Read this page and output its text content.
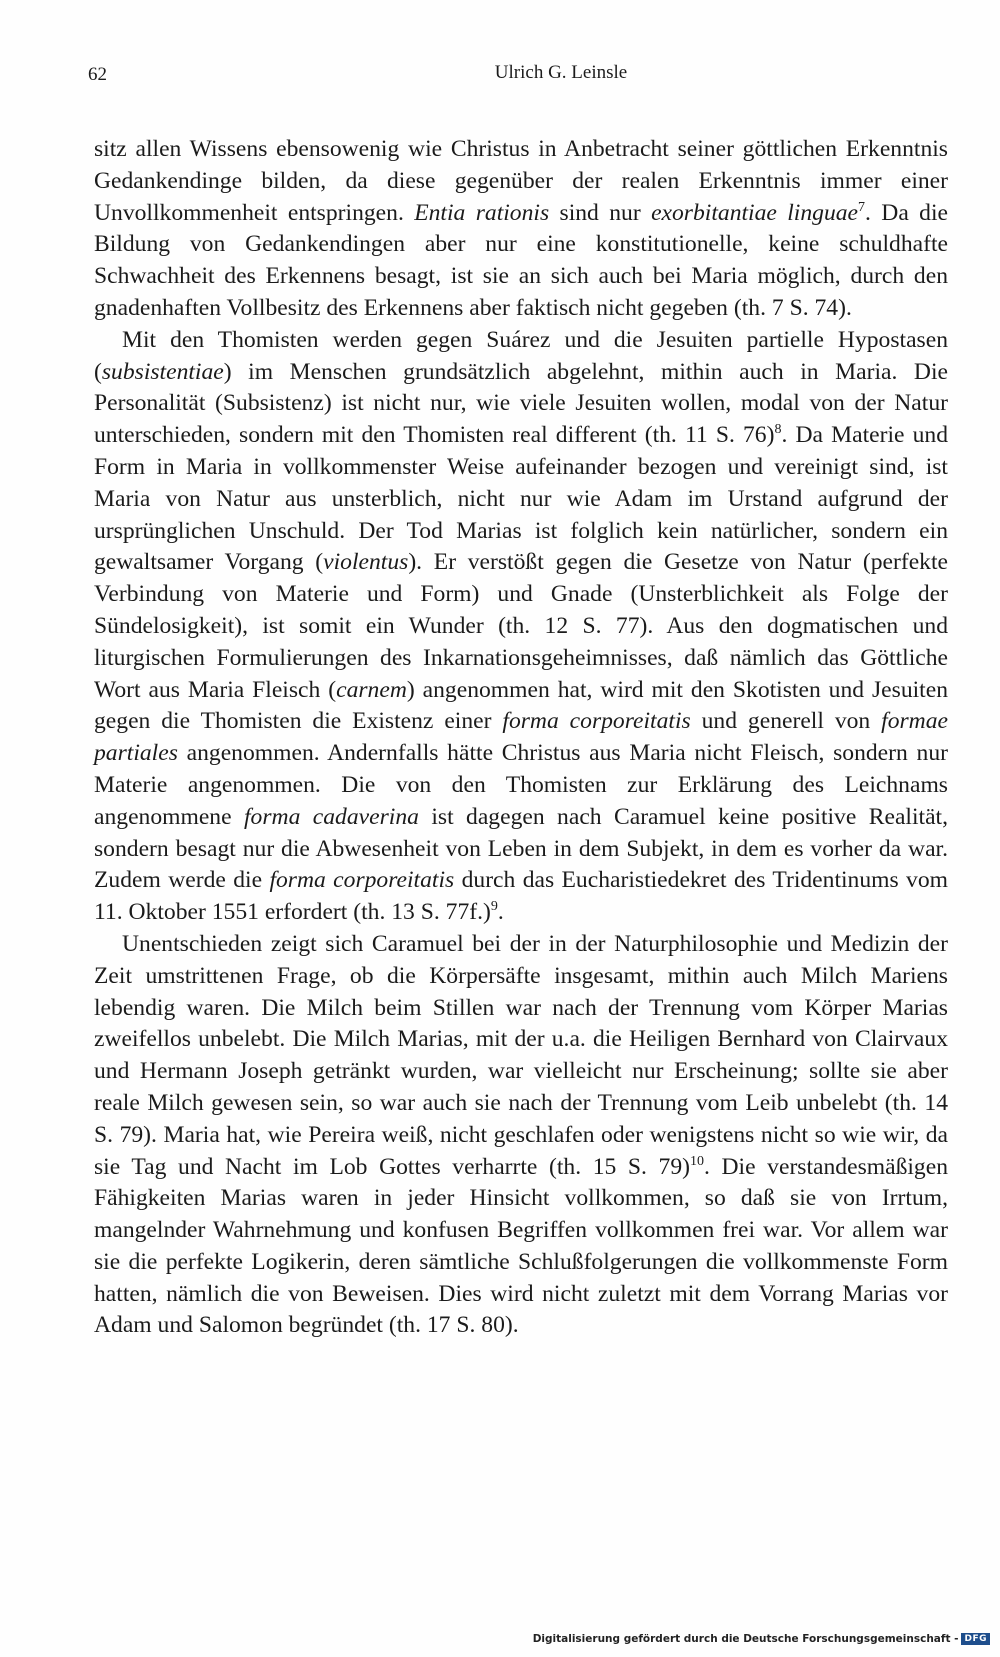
62	Ulrich G. Leinsle

sitz allen Wissens ebensowenig wie Christus in Anbetracht seiner göttlichen Erkenntnis Gedankendinge bilden, da diese gegenüber der realen Erkenntnis immer einer Unvollkommenheit entspringen. Entia rationis sind nur exorbitantiae linguae$^7$. Da die Bildung von Gedankendingen aber nur eine konstitutionelle, keine schuldhafte Schwachheit des Erkennens besagt, ist sie an sich auch bei Maria möglich, durch den gnadenhaften Vollbesitz des Erkennens aber faktisch nicht gegeben (th. 7 S. 74).

Mit den Thomisten werden gegen Suárez und die Jesuiten partielle Hypostasen (subsistentiae) im Menschen grundsätzlich abgelehnt, mithin auch in Maria. Die Personalität (Subsistenz) ist nicht nur, wie viele Jesuiten wollen, modal von der Natur unterschieden, sondern mit den Thomisten real different (th. 11 S. 76)$^8$. Da Materie und Form in Maria in vollkommenster Weise aufeinander bezogen und vereinigt sind, ist Maria von Natur aus unsterblich, nicht nur wie Adam im Urstand aufgrund der ursprünglichen Unschuld. Der Tod Marias ist folglich kein natürlicher, sondern ein gewaltsamer Vorgang (violentus). Er verstößt gegen die Gesetze von Natur (perfekte Verbindung von Materie und Form) und Gnade (Unsterblichkeit als Folge der Sündelosigkeit), ist somit ein Wunder (th. 12 S. 77). Aus den dogmatischen und liturgischen Formulierungen des Inkarnationsgeheimnisses, daß nämlich das Göttliche Wort aus Maria Fleisch (carnem) angenommen hat, wird mit den Skotisten und Jesuiten gegen die Thomisten die Existenz einer forma corporeitatis und generell von formae partiales angenommen. Andernfalls hätte Christus aus Maria nicht Fleisch, sondern nur Materie angenommen. Die von den Thomisten zur Erklärung des Leichnams angenommene forma cadaverina ist dagegen nach Caramuel keine positive Realität, sondern besagt nur die Abwesenheit von Leben in dem Subjekt, in dem es vorher da war. Zudem werde die forma corporeitatis durch das Eucharistiedekret des Tridentinums vom 11. Oktober 1551 erfordert (th. 13 S. 77f.)$^9$.

Unentschieden zeigt sich Caramuel bei der in der Naturphilosophie und Medizin der Zeit umstrittenen Frage, ob die Körpersäfte insgesamt, mithin auch Milch Mariens lebendig waren. Die Milch beim Stillen war nach der Trennung vom Körper Marias zweifellos unbelebt. Die Milch Marias, mit der u.a. die Heiligen Bernhard von Clairvaux und Hermann Joseph getränkt wurden, war vielleicht nur Erscheinung; sollte sie aber reale Milch gewesen sein, so war auch sie nach der Trennung vom Leib unbelebt (th. 14 S. 79). Maria hat, wie Pereira weiß, nicht geschlafen oder wenigstens nicht so wie wir, da sie Tag und Nacht im Lob Gottes verharrte (th. 15 S. 79)$^{10}$. Die verstandesmäßigen Fähigkeiten Marias waren in jeder Hinsicht vollkommen, so daß sie von Irrtum, mangelnder Wahrnehmung und konfusen Begriffen vollkommen frei war. Vor allem war sie die perfekte Logikerin, deren sämtliche Schlußfolgerungen die vollkommenste Form hatten, nämlich die von Beweisen. Dies wird nicht zuletzt mit dem Vorrang Marias vor Adam und Salomon begründet (th. 17 S. 80).

Digitalisierung gefördert durch die Deutsche Forschungsgemeinschaft - DFG
